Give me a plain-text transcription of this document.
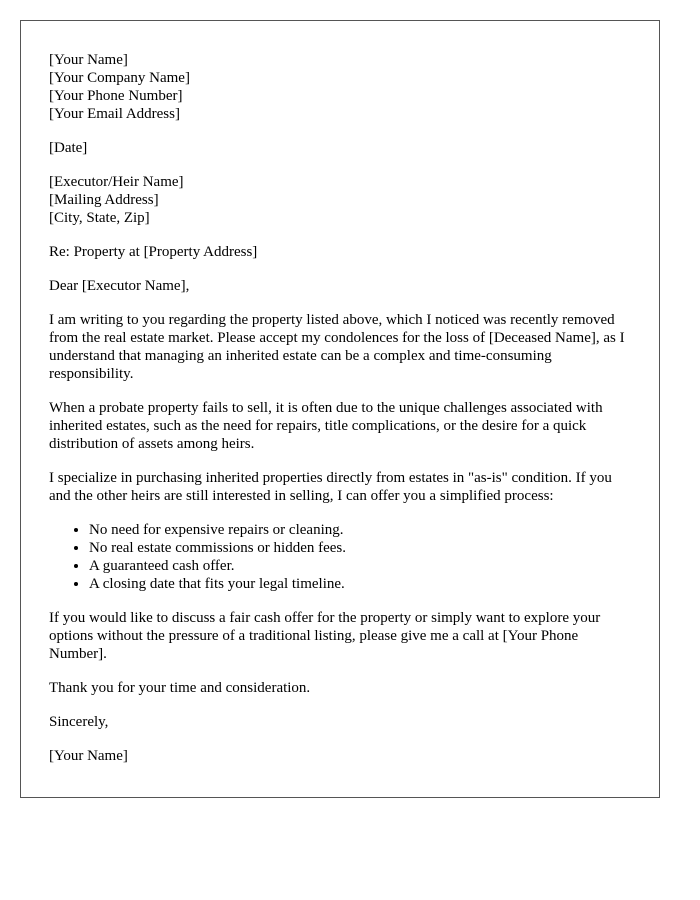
[Your Name]
[Your Company Name]
[Your Phone Number]
[Your Email Address]
[Date]
[Executor/Heir Name]
[Mailing Address]
[City, State, Zip]
Re: Property at [Property Address]
Dear [Executor Name],

I am writing to you regarding the property listed above, which I noticed was recently removed from the real estate market. Please accept my condolences for the loss of [Deceased Name], as I understand that managing an inherited estate can be a complex and time-consuming responsibility.

When a probate property fails to sell, it is often due to the unique challenges associated with inherited estates, such as the need for repairs, title complications, or the desire for a quick distribution of assets among heirs.

I specialize in purchasing inherited properties directly from estates in "as-is" condition. If you and the other heirs are still interested in selling, I can offer you a simplified process:

• No need for expensive repairs or cleaning.
• No real estate commissions or hidden fees.
• A guaranteed cash offer.
• A closing date that fits your legal timeline.

If you would like to discuss a fair cash offer for the property or simply want to explore your options without the pressure of a traditional listing, please give me a call at [Your Phone Number].

Thank you for your time and consideration.
Sincerely,
[Your Name]
